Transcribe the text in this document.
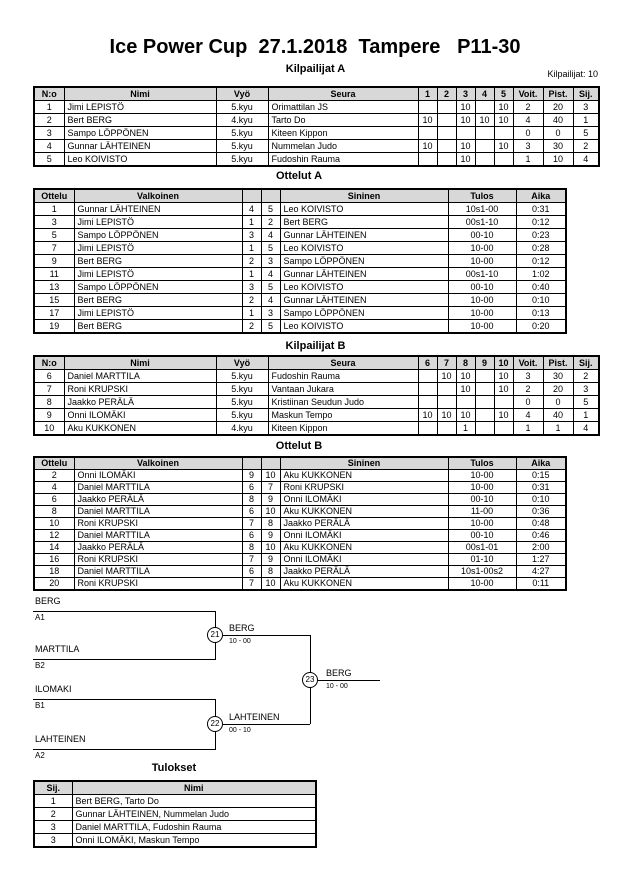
Ice Power Cup  27.1.2018  Tampere   P11-30
Kilpailijat A	Kilpailijat: 10
N:o	Nimi	Vyö	Seura	1	2	3	4	5	Voit.	Pist.	Sij.
1	Jimi LEPISTÖ	5.kyu	Orimattilan JS			10		10	2	20	3
2	Bert BERG	4.kyu	Tarto Do	10		10	10	10	4	40	1
3	Sampo LÖPPÖNEN	5.kyu	Kiteen Kippon						0	0	5
4	Gunnar LÄHTEINEN	5.kyu	Nummelan Judo	10		10		10	3	30	2
5	Leo KOIVISTO	5.kyu	Fudoshin Rauma			10			1	10	4
Ottelut A
Ottelu	Valkoinen			Sininen	Tulos	Aika
1	Gunnar LÄHTEINEN	4	5	Leo KOIVISTO	10s1-00	0:31
3	Jimi LEPISTÖ	1	2	Bert BERG	00s1-10	0:12
5	Sampo LÖPPÖNEN	3	4	Gunnar LÄHTEINEN	00-10	0:23
7	Jimi LEPISTÖ	1	5	Leo KOIVISTO	10-00	0:28
9	Bert BERG	2	3	Sampo LÖPPÖNEN	10-00	0:12
11	Jimi LEPISTÖ	1	4	Gunnar LÄHTEINEN	00s1-10	1:02
13	Sampo LÖPPÖNEN	3	5	Leo KOIVISTO	00-10	0:40
15	Bert BERG	2	4	Gunnar LÄHTEINEN	10-00	0:10
17	Jimi LEPISTÖ	1	3	Sampo LÖPPÖNEN	10-00	0:13
19	Bert BERG	2	5	Leo KOIVISTO	10-00	0:20
Kilpailijat B
N:o	Nimi	Vyö	Seura	6	7	8	9	10	Voit.	Pist.	Sij.
6	Daniel MARTTILA	5.kyu	Fudoshin Rauma		10	10		10	3	30	2
7	Roni KRUPSKI	5.kyu	Vantaan Jukara			10		10	2	20	3
8	Jaakko PERÄLÄ	5.kyu	Kristiinan Seudun Judo						0	0	5
9	Onni ILOMÄKI	5.kyu	Maskun Tempo	10	10	10		10	4	40	1
10	Aku KUKKONEN	4.kyu	Kiteen Kippon			1			1	1	4
Ottelut B
Ottelu	Valkoinen			Sininen	Tulos	Aika
2	Onni ILOMÄKI	9	10	Aku KUKKONEN	10-00	0:15
4	Daniel MARTTILA	6	7	Roni KRUPSKI	10-00	0:31
6	Jaakko PERÄLÄ	8	9	Onni ILOMÄKI	00-10	0:10
8	Daniel MARTTILA	6	10	Aku KUKKONEN	11-00	0:36
10	Roni KRUPSKI	7	8	Jaakko PERÄLÄ	10-00	0:48
12	Daniel MARTTILA	6	9	Onni ILOMÄKI	00-10	0:46
14	Jaakko PERÄLÄ	8	10	Aku KUKKONEN	00s1-01	2:00
16	Roni KRUPSKI	7	9	Onni ILOMÄKI	01-10	1:27
18	Daniel MARTTILA	6	8	Jaakko PERÄLÄ	10s1-00s2	4:27
20	Roni KRUPSKI	7	10	Aku KUKKONEN	10-00	0:11
BERG
A1
MARTTILA
B2
21
BERG
10 - 00
ILOMAKI
B1
LAHTEINEN
A2
22
LAHTEINEN
00 - 10
23
BERG
10 - 00
Tulokset
Sij.	Nimi
1	Bert BERG, Tarto Do
2	Gunnar LÄHTEINEN, Nummelan Judo
3	Daniel MARTTILA, Fudoshin Rauma
3	Onni ILOMÄKI, Maskun Tempo
